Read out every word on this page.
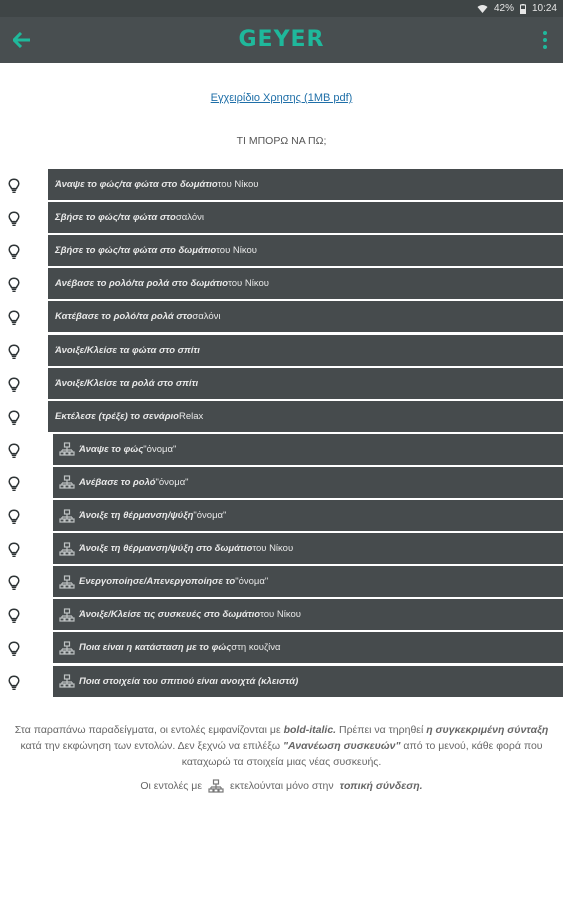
42% 10:24
GEYER
Εγχειρίδιο Χρησης (1MB pdf)
ΤΙ ΜΠΟΡΩ ΝΑ ΠΩ;
Άναψε το φώς/τα φώτα στο δωμάτιο του Νίκου
Σβήσε το φώς/τα φώτα στο σαλόνι
Σβήσε το φώς/τα φώτα στο δωμάτιο του Νίκου
Ανέβασε το ρολό/τα ρολά στο δωμάτιο του Νίκου
Κατέβασε το ρολό/τα ρολά στο σαλόνι
Άνοιξε/Κλείσε τα φώτα στο σπίτι
Άνοιξε/Κλείσε τα ρολά στο σπίτι
Εκτέλεσε (τρέξε) το σενάριο Relax
Άναψε το φώς "όνομα"
Ανέβασε το ρολό "όνομα"
Άνοιξε τη θέρμανση/ψύξη "όνομα"
Άνοιξε τη θέρμανση/ψύξη στο δωμάτιο του Νίκου
Ενεργοποίησε/Απενεργοποίησε το "όνομα"
Άνοιξε/Κλείσε τις συσκευές στο δωμάτιο του Νίκου
Ποια είναι η κατάσταση με το φώς στη κουζίνα
Ποια στοιχεία του σπιτιού είναι ανοιχτά (κλειστά)
Στα παραπάνω παραδείγματα, οι εντολές εμφανίζονται με bold-italic. Πρέπει να τηρηθεί η συγκεκριμένη σύνταξη κατά την εκφώνηση των εντολών. Δεν ξεχνώ να επιλέξω "Ανανέωση συσκευών" από το μενού, κάθε φορά που καταχωρώ τα στοιχεία μιας νέας συσκευής.
Οι εντολές με	εκτελούνται μόνο στην τοπική σύνδεση.
